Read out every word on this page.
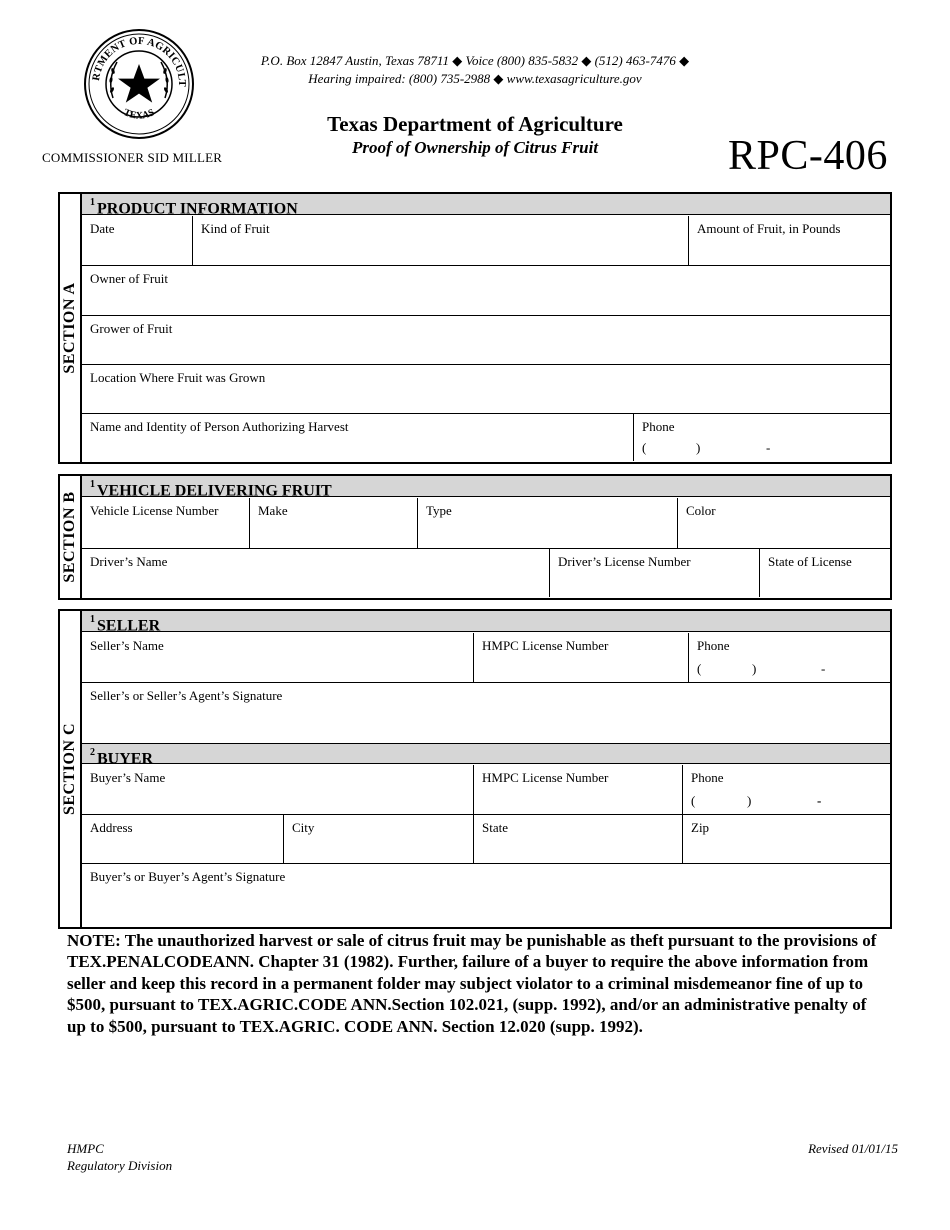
RTMENT OF AGRICULT
TEXAS
P.O. Box 12847 Austin, Texas 78711 ◆ Voice (800) 835-5832 ◆ (512) 463-7476 ◆
Hearing impaired: (800) 735-2988 ◆ www.texasagriculture.gov
Texas Department of Agriculture
Proof of Ownership of Citrus Fruit	RPC-406
COMMISSIONER SID MILLER
SECTION A
$^1$ PRODUCT INFORMATION
Date	Kind of Fruit	Amount of Fruit, in Pounds
Owner of Fruit
Grower of Fruit
Location Where Fruit was Grown
Name and Identity of Person Authorizing Harvest	Phone
(	)	-
SECTION B
$^1$ VEHICLE DELIVERING FRUIT
Vehicle License Number	Make	Type	Color
Driver’s Name	Driver’s License Number	State of License
SECTION C
$^1$ SELLER
Seller’s Name	HMPC License Number	Phone
(	)	-
Seller’s or Seller’s Agent’s Signature
$^2$ BUYER
Buyer’s Name	HMPC License Number	Phone
(	)	-
Address	City	State	Zip
Buyer’s or Buyer’s Agent’s Signature
NOTE: The unauthorized harvest or sale of citrus fruit may be punishable as theft pursuant to the provisions of TEX.PENALCODEANN. Chapter 31 (1982). Further, failure of a buyer to require the above information from seller and keep this record in a permanent folder may subject violator to a criminal misdemeanor fine of up to $500, pursuant to TEX.AGRIC.CODE ANN.Section 102.021, (supp. 1992), and/or an administrative penalty of up to $500, pursuant to TEX.AGRIC. CODE ANN. Section 12.020 (supp. 1992).
HMPC
Regulatory Division
Revised 01/01/15
